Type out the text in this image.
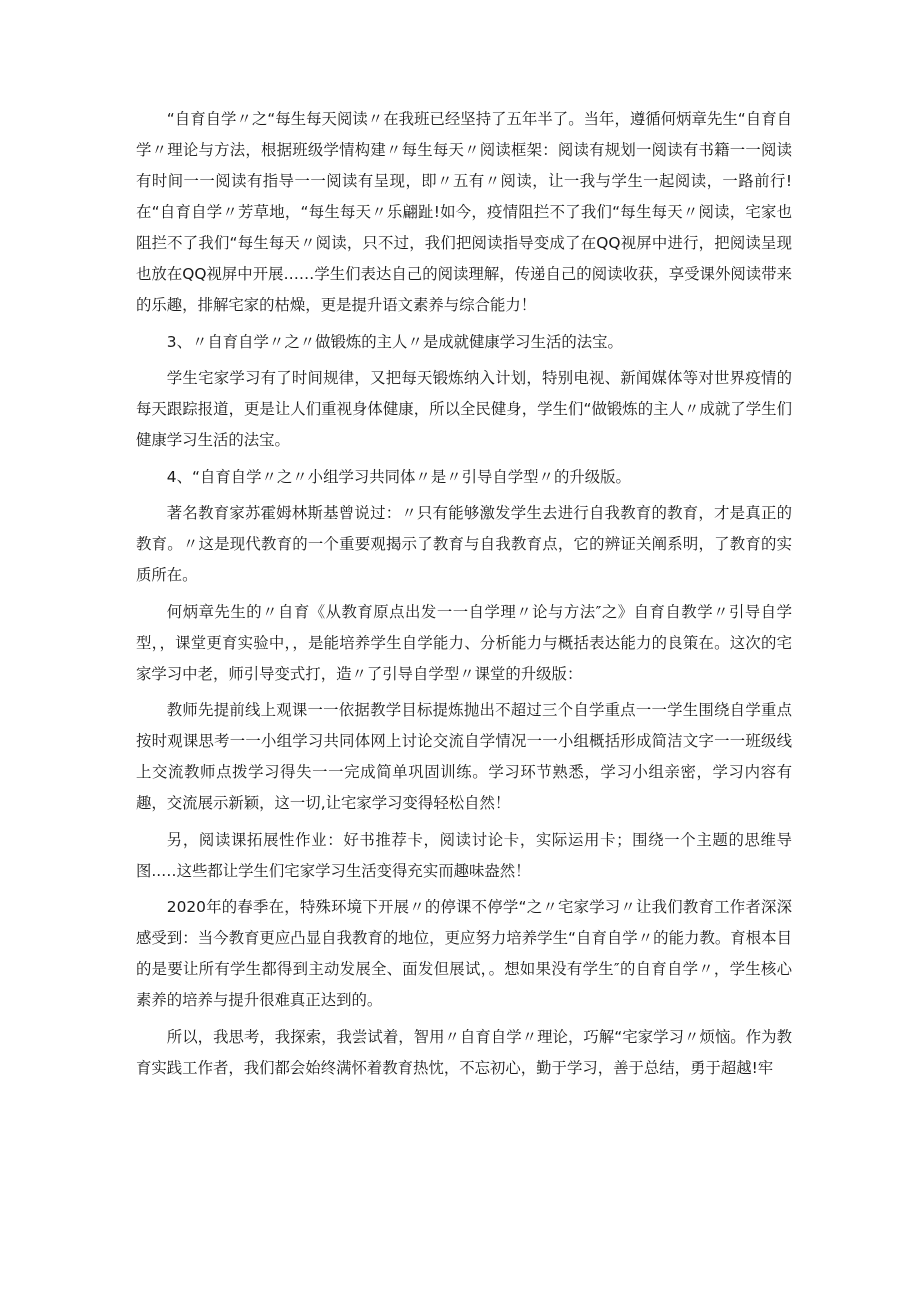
“自育自学〃之“每生每天阅读〃在我班已经坚持了五年半了。当年，遵循何炳章先生“自育自学〃理论与方法，根据班级学情构建〃每生每天〃阅读框架：阅读有规划一阅读有书籍一一阅读有时间一一阅读有指导一一阅读有呈现，即〃五有〃阅读，让一我与学生一起阅读，一路前行!在“自育自学〃芳草地，“每生每天〃乐翩趾!如今，疫情阻拦不了我们“每生每天〃阅读，宅家也阻拦不了我们“每生每天〃阅读，只不过，我们把阅读指导变成了在QQ视屏中进行，把阅读呈现也放在QQ视屏中开展……学生们表达自己的阅读理解，传递自己的阅读收获，享受课外阅读带来的乐趣，排解宅家的枯燥，更是提升语文素养与综合能力！

3、〃自育自学〃之〃做锻炼的主人〃是成就健康学习生活的法宝。

学生宅家学习有了时间规律，又把每天锻炼纳入计划，特别电视、新闻媒体等对世界疫情的每天跟踪报道，更是让人们重视身体健康，所以全民健身，学生们“做锻炼的主人〃成就了学生们健康学习生活的法宝。

4、“自育自学〃之〃小组学习共同体〃是〃引导自学型〃的升级版。

著名教育家苏霍姆林斯基曾说过：〃只有能够激发学生去进行自我教育的教育，才是真正的教育。〃这是现代教育的一个重要观揭示了教育与自我教育点，它的辨证关阐系明，了教育的实质所在。

何炳章先生的〃自育《从教育原点出发一一自学理〃论与方法″之》自育自教学〃引导自学型，，课堂更育实验中，，是能培养学生自学能力、分析能力与概括表达能力的良策在。这次的宅家学习中老，师引导变式打，造〃了引导自学型〃课堂的升级版：

教师先提前线上观课一一依据教学目标提炼抛出不超过三个自学重点一一学生围绕自学重点按时观课思考一一小组学习共同体网上讨论交流自学情况一一小组概括形成简洁文字一一班级线上交流教师点拨学习得失一一完成简单巩固训练。学习环节熟悉，学习小组亲密，学习内容有趣，交流展示新颖，这一切,让宅家学习变得轻松自然！

另，阅读课拓展性作业：好书推荐卡，阅读讨论卡，实际运用卡；围绕一个主题的思维导图..…这些都让学生们宅家学习生活变得充实而趣味盎然！

2020年的春季在，特殊环境下开展〃的停课不停学“之〃宅家学习〃让我们教育工作者深深感受到：当今教育更应凸显自我教育的地位，更应努力培养学生“自育自学〃的能力教。育根本目的是要让所有学生都得到主动发展全、面发但展试，。想如果没有学生″的自育自学〃，学生核心素养的培养与提升很难真正达到的。

所以，我思考，我探索，我尝试着，智用〃自育自学〃理论，巧解“宅家学习〃烦恼。作为教育实践工作者，我们都会始终满怀着教育热忱，不忘初心，勤于学习，善于总结，勇于超越!牢
